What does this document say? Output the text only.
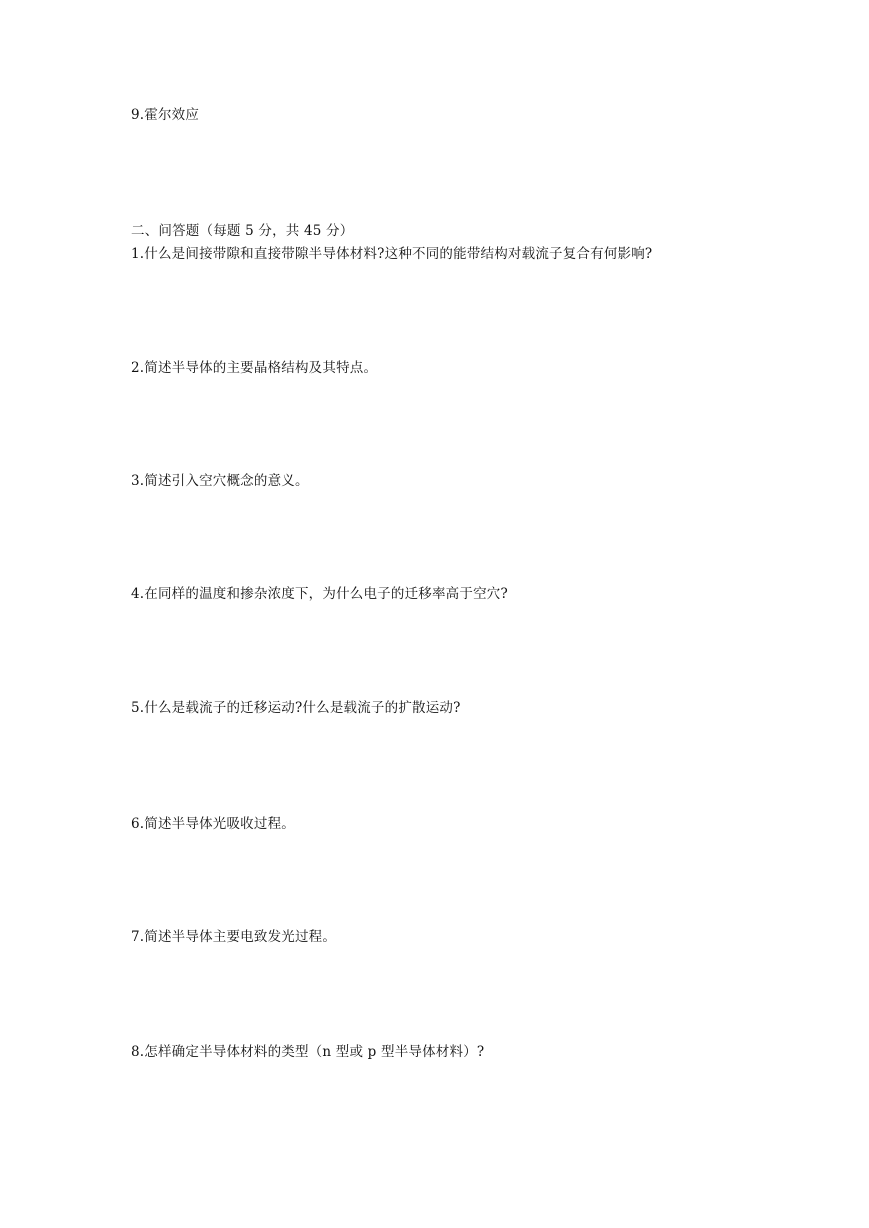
9.霍尔效应
二、问答题（每题 5 分，共 45 分）
1.什么是间接带隙和直接带隙半导体材料?这种不同的能带结构对载流子复合有何影响?
2.简述半导体的主要晶格结构及其特点。
3.简述引入空穴概念的意义。
4.在同样的温度和掺杂浓度下，为什么电子的迁移率高于空穴?
5.什么是载流子的迁移运动?什么是载流子的扩散运动?
6.简述半导体光吸收过程。
7.简述半导体主要电致发光过程。
8.怎样确定半导体材料的类型（n 型或 p 型半导体材料）?
